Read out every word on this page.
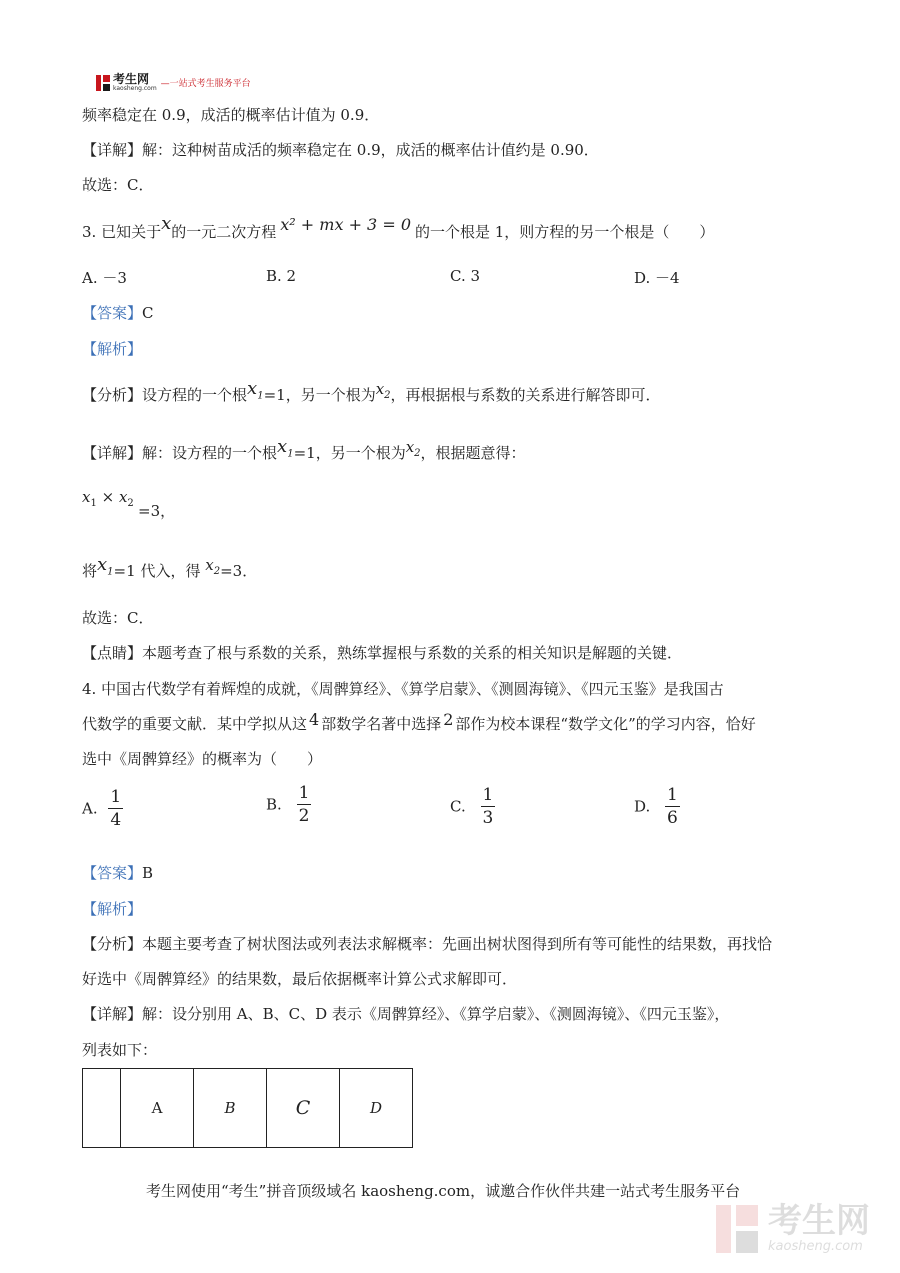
考生网
kaosheng.com —一站式考生服务平台
频率稳定在 0.9，成活的概率估计值为 0.9．
【详解】解：这种树苗成活的频率稳定在 0.9，成活的概率估计值约是 0.90．
故选：C．
3. 已知关于x的一元二次方程 x² + mx + 3 = 0 的一个根是 1，则方程的另一个根是（　　）
A. －3	B. 2	C. 3	D. －4
【答案】C
【解析】
【分析】设方程的一个根$x_1=1$，另一个根为$x_2$，再根据根与系数的关系进行解答即可．
【详解】解：设方程的一个根$x_1=1$，另一个根为$x_2$，根据题意得：
$x_1 \times x_2 =3$，
将$x_1=1$ 代入，得 $x_2=3$．
故选：C．
【点睛】本题考查了根与系数的关系，熟练掌握根与系数的关系的相关知识是解题的关键．
4. 中国古代数学有着辉煌的成就，《周髀算经》、《算学启蒙》、《测圆海镜》、《四元玉鉴》是我国古
代数学的重要文献．某中学拟从这 4 部数学名著中选择 2 部作为校本课程“数学文化”的学习内容，恰好
选中《周髀算经》的概率为（　　）
A. $\frac{1}{4}$	B. $\frac{1}{2}$	C. $\frac{1}{3}$	D. $\frac{1}{6}$
【答案】B
【解析】
【分析】本题主要考查了树状图法或列表法求解概率：先画出树状图得到所有等可能性的结果数，再找恰
好选中《周髀算经》的结果数，最后依据概率计算公式求解即可．
【详解】解：设分别用 A、B、C、D 表示《周髀算经》、《算学启蒙》、《测圆海镜》、《四元玉鉴》，
列表如下：
	A	B	C	D
考生网使用“考生”拼音顶级域名 kaosheng.com，诚邀合作伙伴共建一站式考生服务平台
考生网
kaosheng.com
